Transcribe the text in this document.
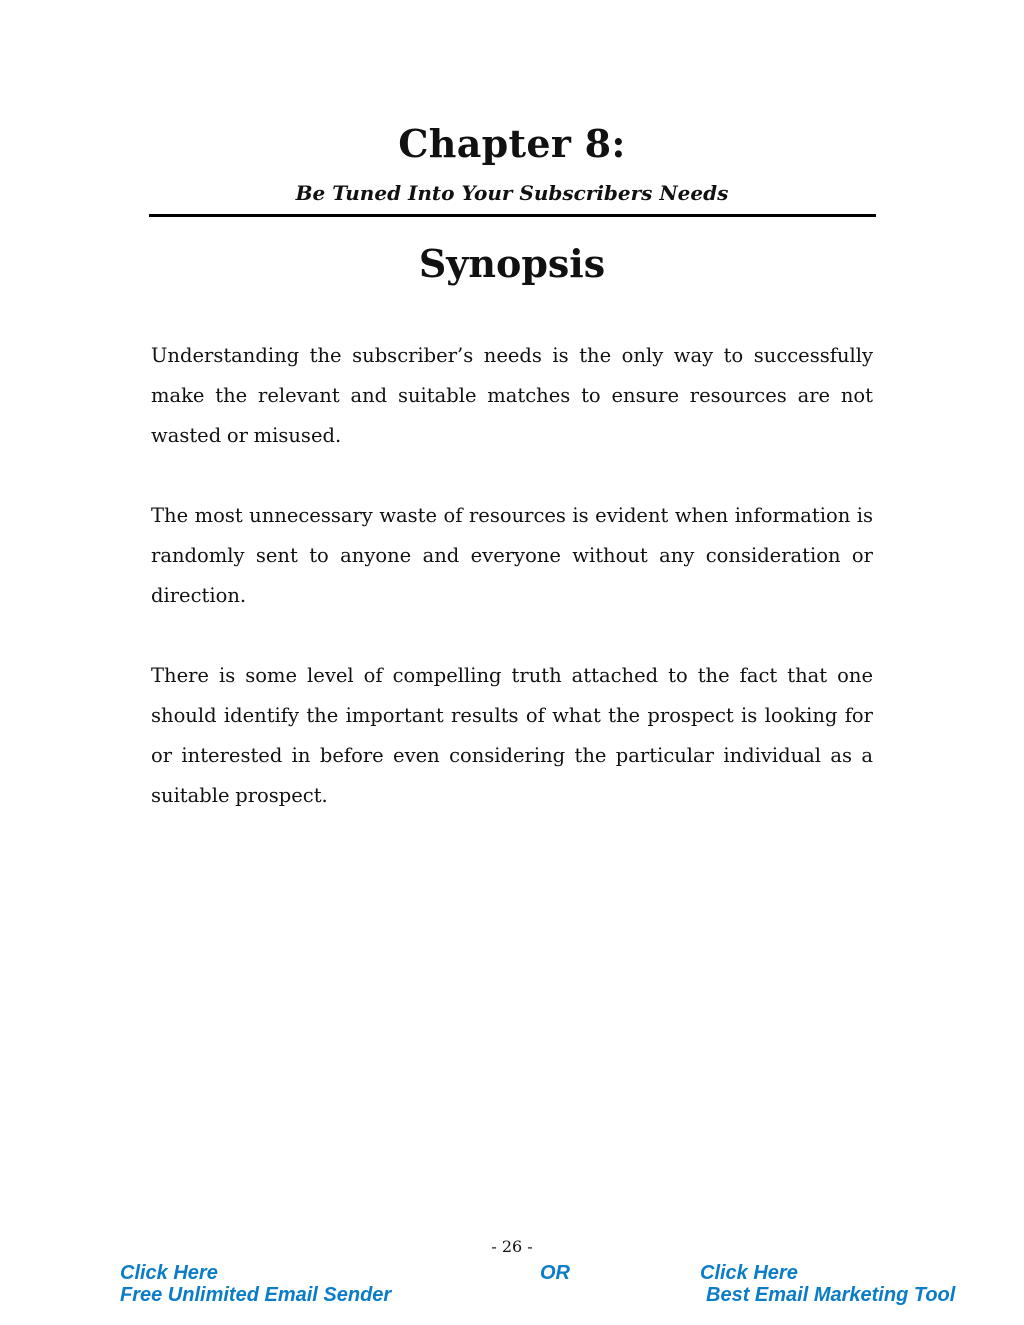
Chapter 8:
Be Tuned Into Your Subscribers Needs
Synopsis

Understanding the subscriber’s needs is the only way to successfully make the relevant and suitable matches to ensure resources are not wasted or misused.

The most unnecessary waste of resources is evident when information is randomly sent to anyone and everyone without any consideration or direction.

There is some level of compelling truth attached to the fact that one should identify the important results of what the prospect is looking for or interested in before even considering the particular individual as a suitable prospect.

- 26 -
Click Here
Free Unlimited Email Sender
OR	Click Here
Best Email Marketing Tool
